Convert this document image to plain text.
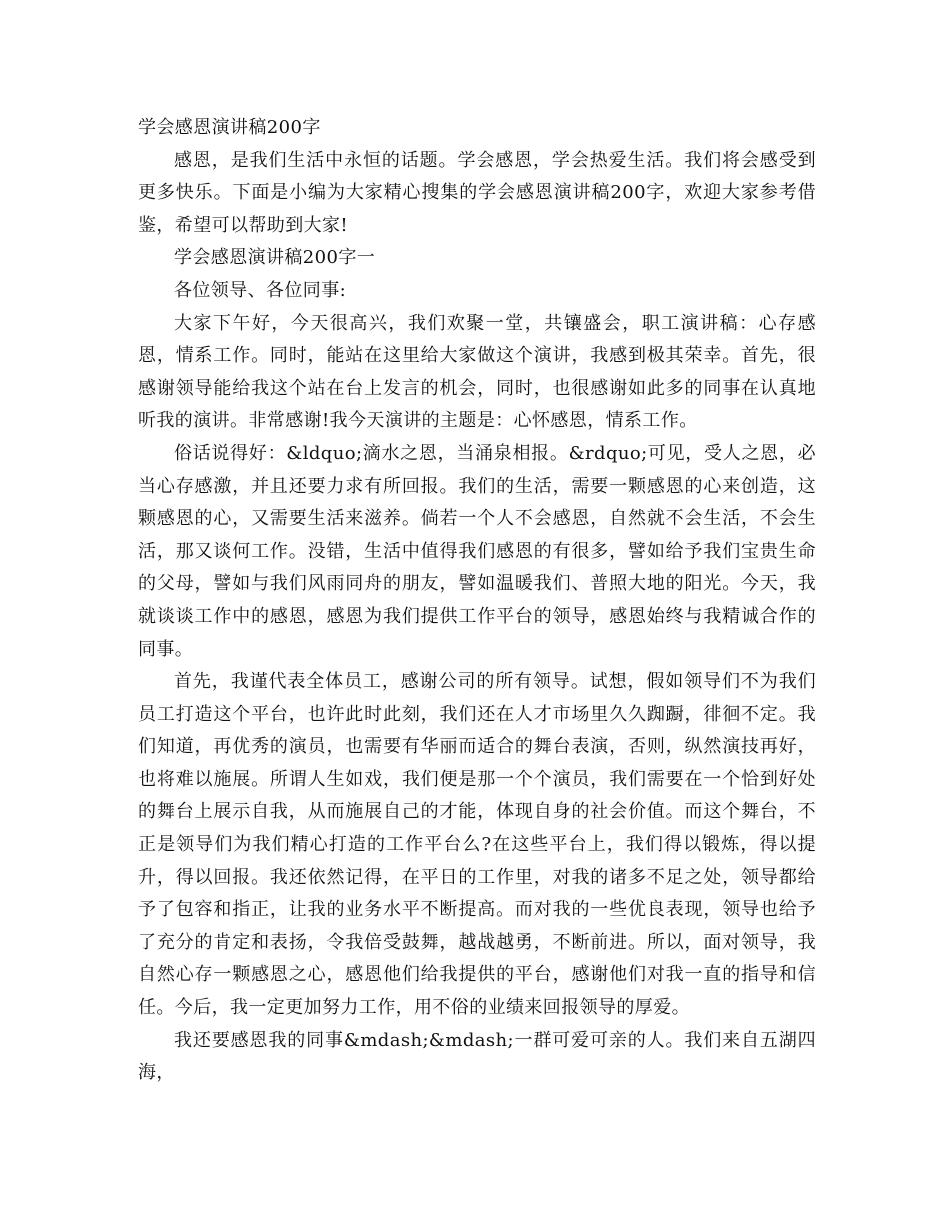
学会感恩演讲稿200字

感恩，是我们生活中永恒的话题。学会感恩，学会热爱生活。我们将会感受到更多快乐。下面是小编为大家精心搜集的学会感恩演讲稿200字，欢迎大家参考借鉴，希望可以帮助到大家!

学会感恩演讲稿200字一

各位领导、各位同事:

大家下午好，今天很高兴，我们欢聚一堂，共镶盛会，职工演讲稿：心存感恩，情系工作。同时，能站在这里给大家做这个演讲，我感到极其荣幸。首先，很感谢领导能给我这个站在台上发言的机会，同时，也很感谢如此多的同事在认真地听我的演讲。非常感谢!我今天演讲的主题是：心怀感恩，情系工作。

俗话说得好：&ldquo;滴水之恩，当涌泉相报。&rdquo;可见，受人之恩，必当心存感激，并且还要力求有所回报。我们的生活，需要一颗感恩的心来创造，这颗感恩的心，又需要生活来滋养。倘若一个人不会感恩，自然就不会生活，不会生活，那又谈何工作。没错，生活中值得我们感恩的有很多，譬如给予我们宝贵生命的父母，譬如与我们风雨同舟的朋友，譬如温暖我们、普照大地的阳光。今天，我就谈谈工作中的感恩，感恩为我们提供工作平台的领导，感恩始终与我精诚合作的同事。

首先，我谨代表全体员工，感谢公司的所有领导。试想，假如领导们不为我们员工打造这个平台，也许此时此刻，我们还在人才市场里久久踟蹰，徘徊不定。我们知道，再优秀的演员，也需要有华丽而适合的舞台表演，否则，纵然演技再好，也将难以施展。所谓人生如戏，我们便是那一个个演员，我们需要在一个恰到好处的舞台上展示自我，从而施展自己的才能，体现自身的社会价值。而这个舞台，不正是领导们为我们精心打造的工作平台么?在这些平台上，我们得以锻炼，得以提升，得以回报。我还依然记得，在平日的工作里，对我的诸多不足之处，领导都给予了包容和指正，让我的业务水平不断提高。而对我的一些优良表现，领导也给予了充分的肯定和表扬，令我倍受鼓舞，越战越勇，不断前进。所以，面对领导，我自然心存一颗感恩之心，感恩他们给我提供的平台，感谢他们对我一直的指导和信任。今后，我一定更加努力工作，用不俗的业绩来回报领导的厚爱。

我还要感恩我的同事&mdash;&mdash;一群可爱可亲的人。我们来自五湖四海，
